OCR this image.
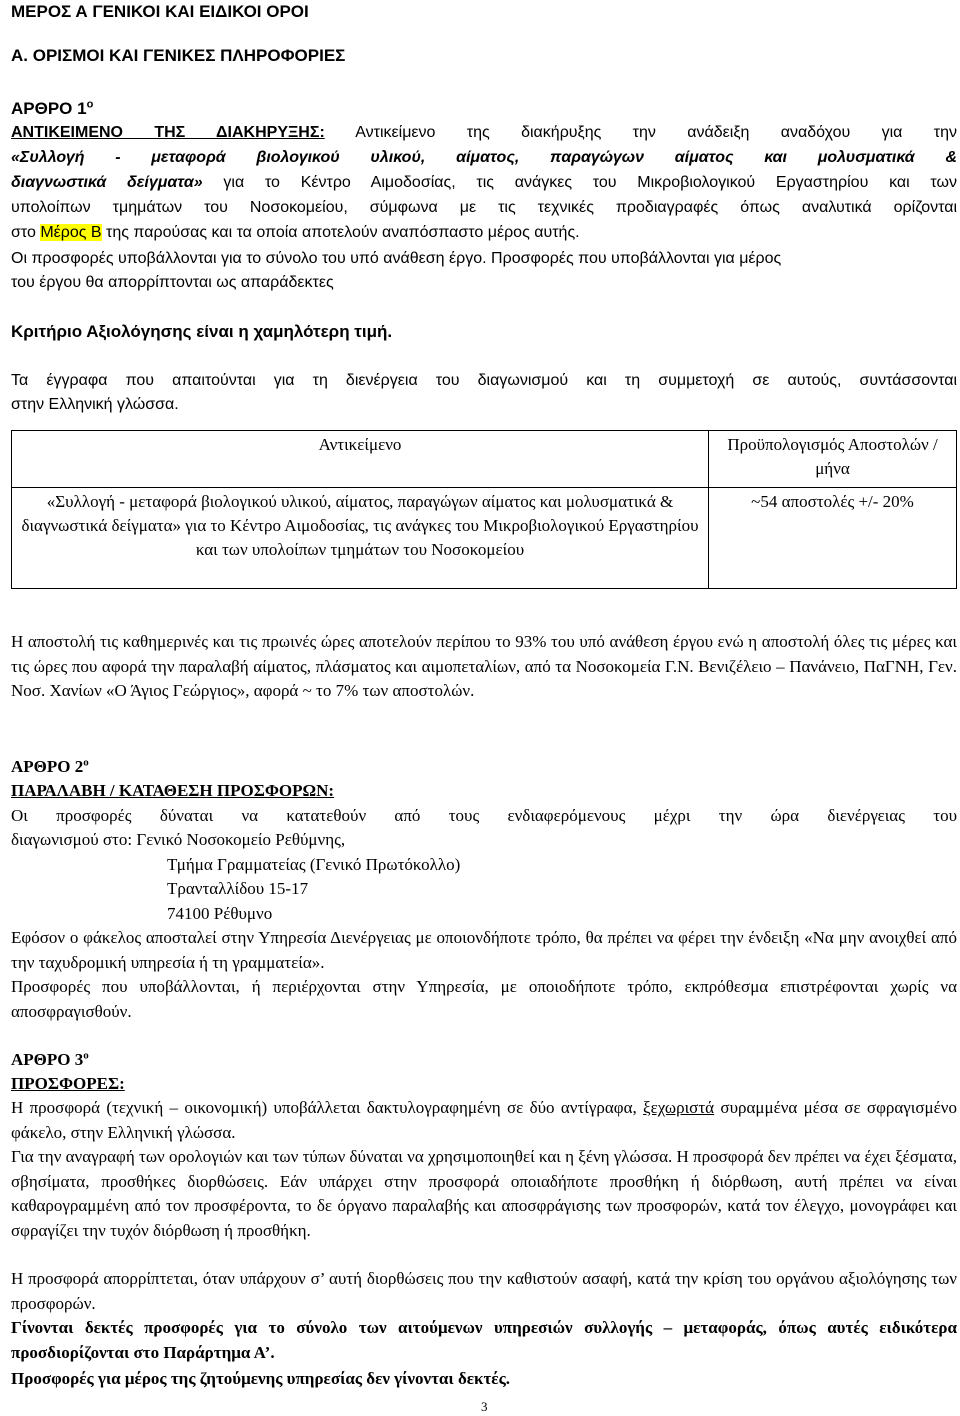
ΜΕΡΟΣ Α ΓΕΝΙΚΟΙ ΚΑΙ ΕΙΔΙΚΟΙ ΟΡΟΙ
Α. ΟΡΙΣΜΟΙ ΚΑΙ ΓΕΝΙΚΕΣ ΠΛΗΡΟΦΟΡΙΕΣ
ΑΡΘΡΟ $1^o$
ΑΝΤΙΚΕΙΜΕΝΟ ΤΗΣ ΔΙΑΚΗΡΥΞΗΣ: Αντικείμενο της διακήρυξης την ανάδειξη αναδόχου για την
«Συλλογή - μεταφορά βιολογικού υλικού, αίματος, παραγώγων αίματος και μολυσματικά &
διαγνωστικά δείγματα» για το Κέντρο Αιμοδοσίας, τις ανάγκες του Μικροβιολογικού Εργαστηρίου και των
υπολοίπων τμημάτων του Νοσοκομείου, σύμφωνα με τις τεχνικές προδιαγραφές όπως αναλυτικά ορίζονται
στο Μέρος Β της παρούσας και τα οποία αποτελούν αναπόσπαστο μέρος αυτής.
Οι προσφορές υποβάλλονται για το σύνολο του υπό ανάθεση έργο. Προσφορές που υποβάλλονται για μέρος
του έργου θα απορρίπτονται ως απαράδεκτες
Κριτήριο Αξιολόγησης είναι η χαμηλότερη τιμή.
Τα έγγραφα που απαιτούνται για τη διενέργεια του διαγωνισμού και τη συμμετοχή σε αυτούς, συντάσσονται
στην Ελληνική γλώσσα.
Αντικείμενο	Προϋπολογισμός Αποστολών / μήνα
«Συλλογή - μεταφορά βιολογικού υλικού, αίματος, παραγώγων αίματος και μολυσματικά & διαγνωστικά δείγματα» για το Κέντρο Αιμοδοσίας, τις ανάγκες του Μικροβιολογικού Εργαστηρίου και των υπολοίπων τμημάτων του Νοσοκομείου	~54 αποστολές +/- 20%
Η αποστολή τις καθημερινές και τις πρωινές ώρες αποτελούν περίπου το 93% του υπό ανάθεση έργου ενώ η αποστολή όλες τις μέρες και τις ώρες που αφορά την παραλαβή αίματος, πλάσματος και αιμοπεταλίων, από τα Νοσοκομεία Γ.Ν. Βενιζέλειο – Πανάνειο, ΠαΓΝΗ, Γεν. Νοσ. Χανίων «Ο Άγιος Γεώργιος», αφορά ~ το 7% των αποστολών.
ΑΡΘΡΟ $2^o$
ΠΑΡΑΛΑΒΗ / ΚΑΤΑΘΕΣΗ ΠΡΟΣΦΟΡΩΝ:
Οι προσφορές δύναται να κατατεθούν από τους ενδιαφερόμενους μέχρι την ώρα διενέργειας του
διαγωνισμού στο: Γενικό Νοσοκομείο Ρεθύμνης,
Τμήμα Γραμματείας (Γενικό Πρωτόκολλο)
Τρανταλλίδου 15-17
74100 Ρέθυμνο
Εφόσον ο φάκελος αποσταλεί στην Υπηρεσία Διενέργειας με οποιονδήποτε τρόπο, θα πρέπει να φέρει την ένδειξη «Να μην ανοιχθεί από την ταχυδρομική υπηρεσία ή τη γραμματεία».
Προσφορές που υποβάλλονται, ή περιέρχονται στην Υπηρεσία, με οποιοδήποτε τρόπο, εκπρόθεσμα επιστρέφονται χωρίς να αποσφραγισθούν.
ΑΡΘΡΟ $3^o$
ΠΡΟΣΦΟΡΕΣ:
Η προσφορά (τεχνική – οικονομική) υποβάλλεται δακτυλογραφημένη σε δύο αντίγραφα, ξεχωριστά συραμμένα μέσα σε σφραγισμένο φάκελο, στην Ελληνική γλώσσα.
Για την αναγραφή των ορολογιών και των τύπων δύναται να χρησιμοποιηθεί και η ξένη γλώσσα. Η προσφορά δεν πρέπει να έχει ξέσματα, σβησίματα, προσθήκες διορθώσεις. Εάν υπάρχει στην προσφορά οποιαδήποτε προσθήκη ή διόρθωση, αυτή πρέπει να είναι καθαρογραμμένη από τον προσφέροντα, το δε όργανο παραλαβής και αποσφράγισης των προσφορών, κατά τον έλεγχο, μονογράφει και σφραγίζει την τυχόν διόρθωση ή προσθήκη.
Η προσφορά απορρίπτεται, όταν υπάρχουν σ’ αυτή διορθώσεις που την καθιστούν ασαφή, κατά την κρίση του οργάνου αξιολόγησης των προσφορών.
Γίνονται δεκτές προσφορές για το σύνολο των αιτούμενων υπηρεσιών συλλογής – μεταφοράς, όπως αυτές ειδικότερα προσδιορίζονται στο Παράρτημα Α’.
Προσφορές για μέρος της ζητούμενης υπηρεσίας δεν γίνονται δεκτές.
3
